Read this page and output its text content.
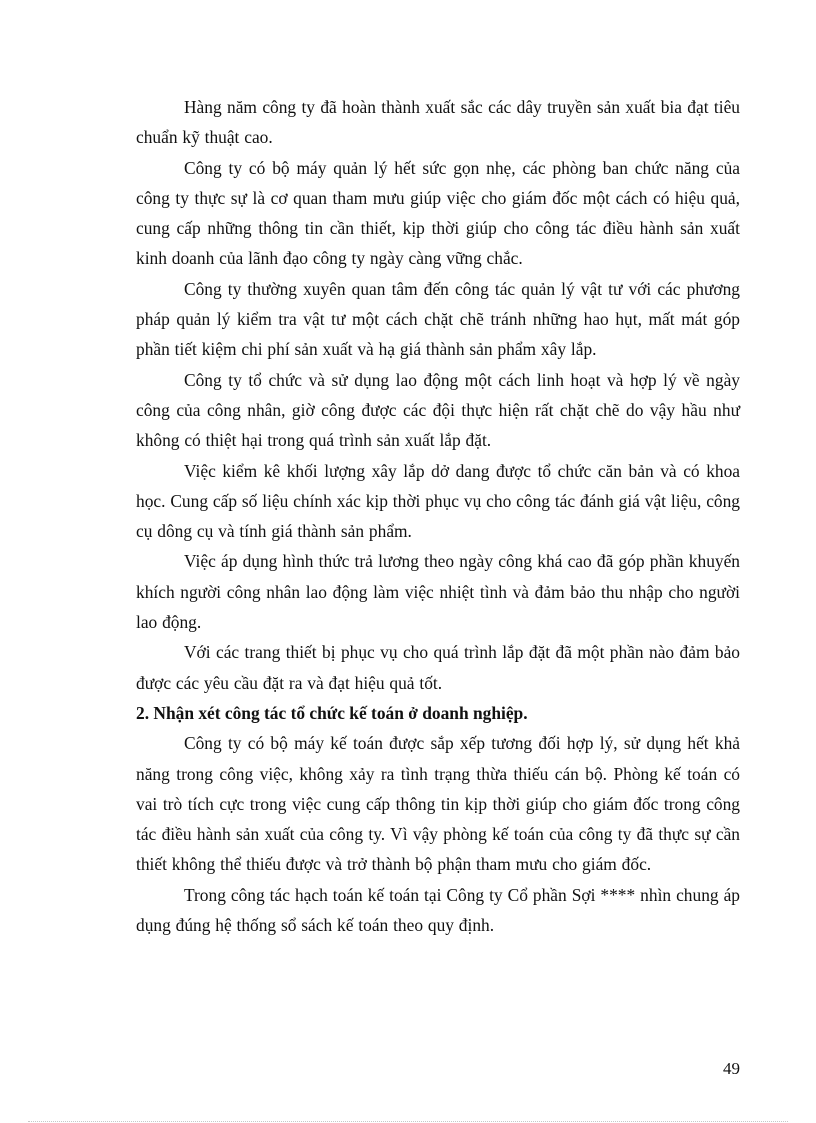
Hàng năm công ty đã hoàn thành xuất sắc các dây truyền sản xuất bia đạt tiêu chuẩn kỹ thuật cao.

Công ty có bộ máy quản lý hết sức gọn nhẹ, các phòng ban chức năng của công ty thực sự là cơ quan tham mưu giúp việc cho giám đốc một cách có hiệu quả, cung cấp những thông tin cần thiết, kịp thời giúp cho công tác điều hành sản xuất kinh doanh của lãnh đạo công ty ngày càng vững chắc.

Công ty thường xuyên quan tâm đến công tác quản lý vật tư với các phương pháp quản lý kiểm tra vật tư một cách chặt chẽ tránh những hao hụt, mất mát góp phần tiết kiệm chi phí sản xuất và hạ giá thành sản phẩm xây lắp.

Công ty tổ chức và sử dụng lao động một cách linh hoạt và hợp lý về ngày công của công nhân, giờ công được các đội thực hiện rất chặt chẽ do vậy hầu như không có thiệt hại trong quá trình sản xuất lắp đặt.

Việc kiểm kê khối lượng xây lắp dở dang được tổ chức căn bản và có khoa học. Cung cấp số liệu chính xác kịp thời phục vụ cho công tác đánh giá vật liệu, công cụ dông cụ và tính giá thành sản phẩm.

Việc áp dụng hình thức trả lương theo ngày công khá cao đã góp phần khuyến khích người công nhân lao động làm việc nhiệt tình và đảm bảo thu nhập cho người lao động.

Với các trang thiết bị phục vụ cho quá trình lắp đặt đã một phần nào đảm bảo được các yêu cầu đặt ra và đạt hiệu quả tốt.

2. Nhận xét công tác tổ chức kế toán ở doanh nghiệp.

Công ty có bộ máy kế toán được sắp xếp tương đối hợp lý, sử dụng hết khả năng trong công việc, không xảy ra tình trạng thừa thiếu cán bộ. Phòng kế toán có vai trò tích cực trong việc cung cấp thông tin kịp thời giúp cho giám đốc trong công tác điều hành sản xuất của công ty. Vì vậy phòng kế toán của công ty đã thực sự cần thiết không thể thiếu được và trở thành bộ phận tham mưu cho giám đốc.

Trong công tác hạch toán kế toán tại Công ty Cổ phần Sợi **** nhìn chung áp dụng đúng hệ thống sổ sách kế toán theo quy định.

49
